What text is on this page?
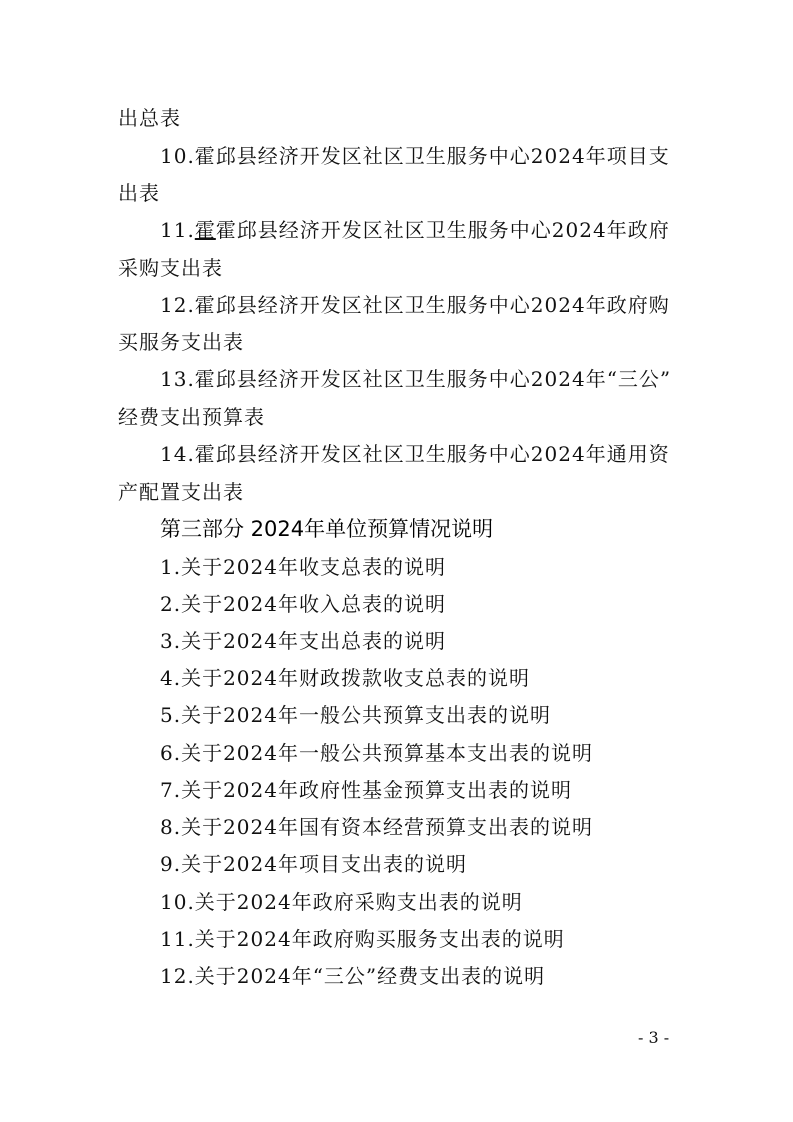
出总表
10.霍邱县经济开发区社区卫生服务中心2024年项目支
出表
11.霍霍邱县经济开发区社区卫生服务中心2024年政府
采购支出表
12.霍邱县经济开发区社区卫生服务中心2024年政府购
买服务支出表
13.霍邱县经济开发区社区卫生服务中心2024年“三公”
经费支出预算表
14.霍邱县经济开发区社区卫生服务中心2024年通用资
产配置支出表
第三部分 2024年单位预算情况说明
1.关于2024年收支总表的说明
2.关于2024年收入总表的说明
3.关于2024年支出总表的说明
4.关于2024年财政拨款收支总表的说明
5.关于2024年一般公共预算支出表的说明
6.关于2024年一般公共预算基本支出表的说明
7.关于2024年政府性基金预算支出表的说明
8.关于2024年国有资本经营预算支出表的说明
9.关于2024年项目支出表的说明
10.关于2024年政府采购支出表的说明
11.关于2024年政府购买服务支出表的说明
12.关于2024年“三公”经费支出表的说明
- 3 -
